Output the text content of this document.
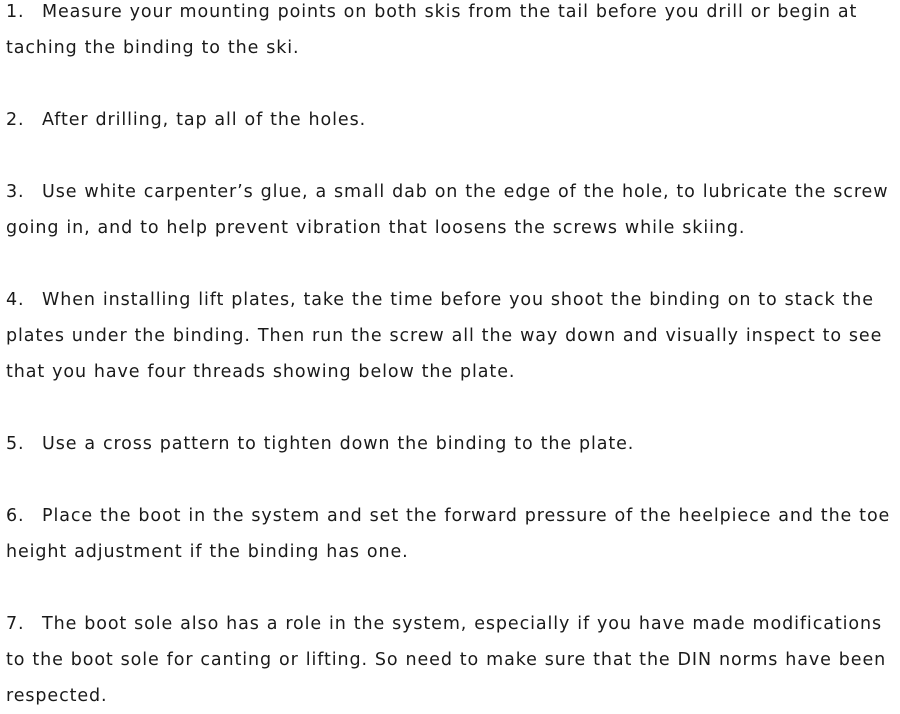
1. Measure your mounting points on both skis from the tail before you drill or begin at taching the binding to the ski.

2. After drilling, tap all of the holes.

3. Use white carpenter’s glue, a small dab on the edge of the hole, to lubricate the screw going in, and to help prevent vibration that loosens the screws while skiing.

4. When installing lift plates, take the time before you shoot the binding on to stack the plates under the binding. Then run the screw all the way down and visually inspect to see that you have four threads showing below the plate.

5. Use a cross pattern to tighten down the binding to the plate.

6. Place the boot in the system and set the forward pressure of the heelpiece and the toe height adjustment if the binding has one.

7. The boot sole also has a role in the system, especially if you have made modifications to the boot sole for canting or lifting. So need to make sure that the DIN norms have been respected.
